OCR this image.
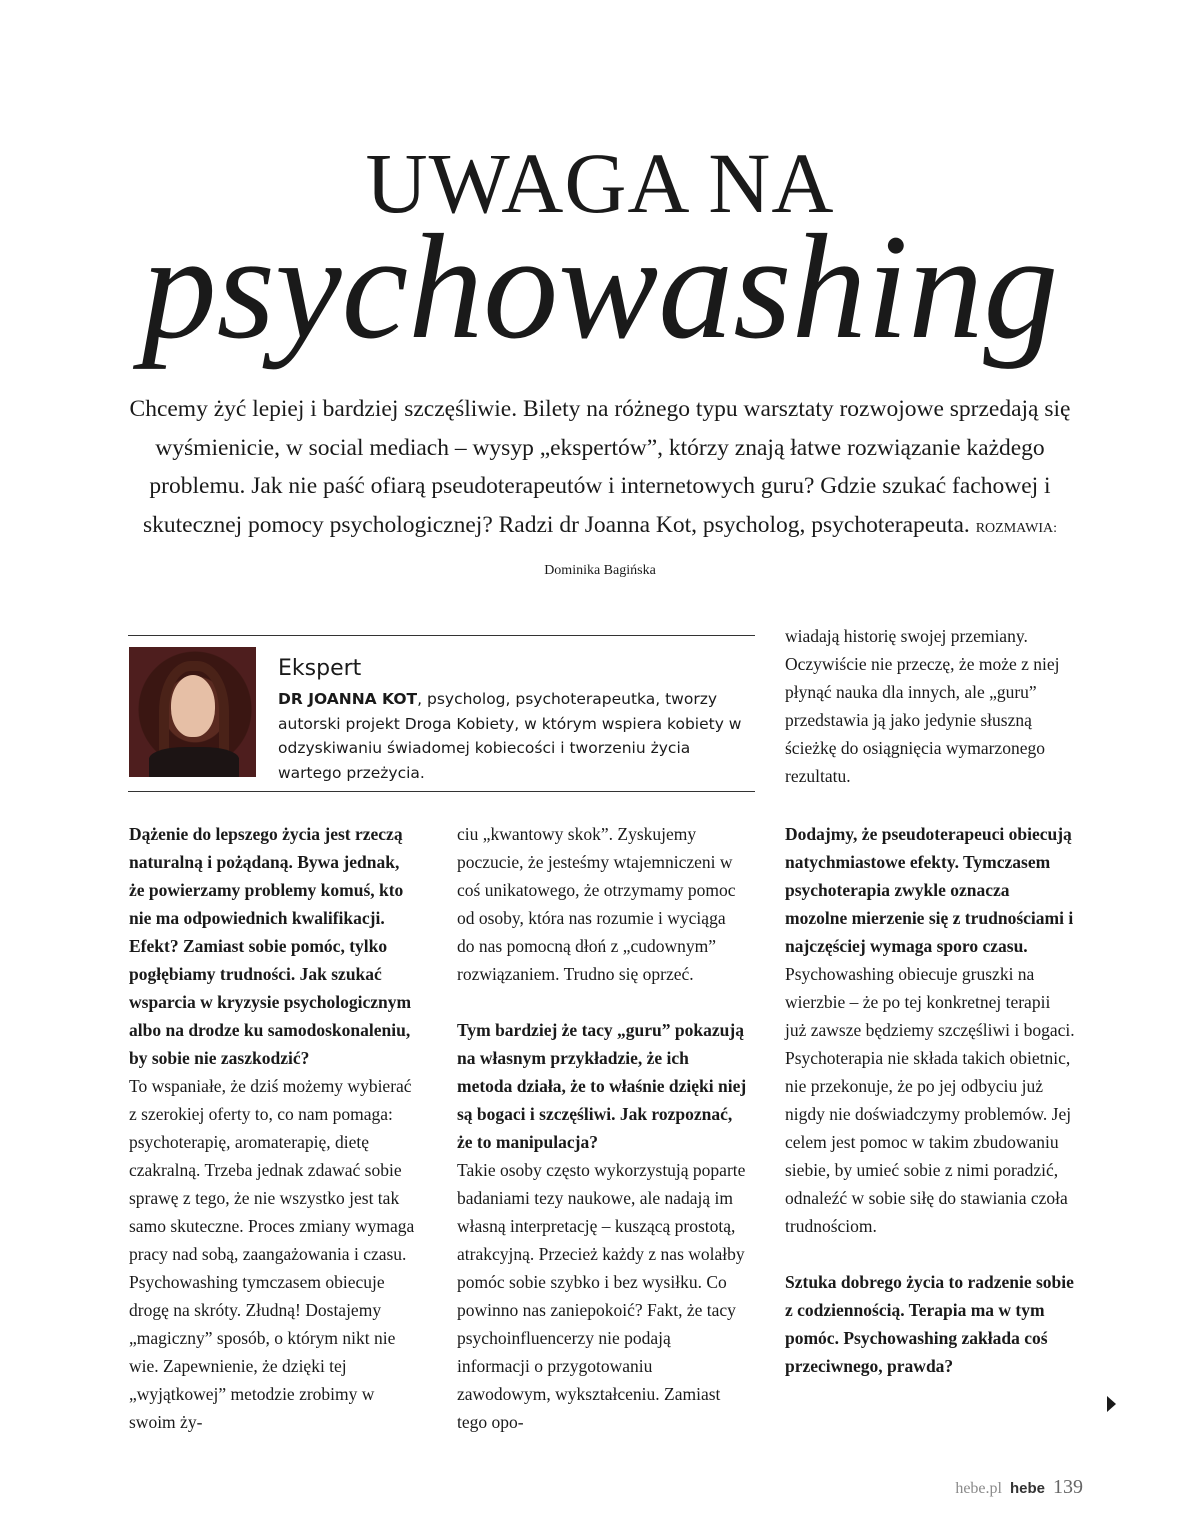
UWAGA NA
psychowashing

Chcemy żyć lepiej i bardziej szczęśliwie. Bilety na różnego typu warsztaty rozwojowe sprzedają się wyśmienicie, w social mediach – wysyp „ekspertów”, którzy znają łatwe rozwiązanie każdego problemu. Jak nie paść ofiarą pseudoterapeutów i internetowych guru? Gdzie szukać fachowej i skutecznej pomocy psychologicznej? Radzi dr Joanna Kot, psycholog, psychoterapeuta. ROZMAWIA: Dominika Bagińska

Ekspert

DR JOANNA KOT, psycholog, psychoterapeutka, tworzy autorski projekt Droga Kobiety, w którym wspiera kobiety w odzyskiwaniu świadomej kobiecości i tworzeniu życia wartego przeżycia.

Dążenie do lepszego życia jest rzeczą naturalną i pożądaną. Bywa jednak, że powierzamy problemy komuś, kto nie ma odpowiednich kwalifikacji. Efekt? Zamiast sobie pomóc, tylko pogłębiamy trudności. Jak szukać wsparcia w kryzysie psychologicznym albo na drodze ku samodoskonaleniu, by sobie nie zaszkodzić?

To wspaniałe, że dziś możemy wybierać z szerokiej oferty to, co nam pomaga: psychoterapię, aromaterapię, dietę czakralną. Trzeba jednak zdawać sobie sprawę z tego, że nie wszystko jest tak samo skuteczne. Proces zmiany wymaga pracy nad sobą, zaangażowania i czasu. Psychowashing tymczasem obiecuje drogę na skróty. Złudną! Dostajemy „magiczny” sposób, o którym nikt nie wie. Zapewnienie, że dzięki tej „wyjątkowej” metodzie zrobimy w swoim ży-

ciu „kwantowy skok”. Zyskujemy poczucie, że jesteśmy wtajemniczeni w coś unikatowego, że otrzymamy pomoc od osoby, która nas rozumie i wyciąga do nas pomocną dłoń z „cudownym” rozwiązaniem. Trudno się oprzeć.

Tym bardziej że tacy „guru” pokazują na własnym przykładzie, że ich metoda działa, że to właśnie dzięki niej są bogaci i szczęśliwi. Jak rozpoznać, że to manipulacja?

Takie osoby często wykorzystują poparte badaniami tezy naukowe, ale nadają im własną interpretację – kuszącą prostotą, atrakcyjną. Przecież każdy z nas wolałby pomóc sobie szybko i bez wysiłku. Co powinno nas zaniepokoić? Fakt, że tacy psychoinfluencerzy nie podają informacji o przygotowaniu zawodowym, wykształceniu. Zamiast tego opo-

wiadają historię swojej przemiany. Oczywiście nie przeczę, że może z niej płynąć nauka dla innych, ale „guru” przedstawia ją jako jedynie słuszną ścieżkę do osiągnięcia wymarzonego rezultatu.

Dodajmy, że pseudoterapeuci obiecują natychmiastowe efekty. Tymczasem psychoterapia zwykle oznacza mozolne mierzenie się z trudnościami i najczęściej wymaga sporo czasu.

Psychowashing obiecuje gruszki na wierzbie – że po tej konkretnej terapii już zawsze będziemy szczęśliwi i bogaci. Psychoterapia nie składa takich obietnic, nie przekonuje, że po jej odbyciu już nigdy nie doświadczymy problemów. Jej celem jest pomoc w takim zbudowaniu siebie, by umieć sobie z nimi poradzić, odnaleźć w sobie siłę do stawiania czoła trudnościom.

Sztuka dobrego życia to radzenie sobie z codziennością. Terapia ma w tym pomóc. Psychowashing zakłada coś przeciwnego, prawda?

hebe.pl hebe 139
